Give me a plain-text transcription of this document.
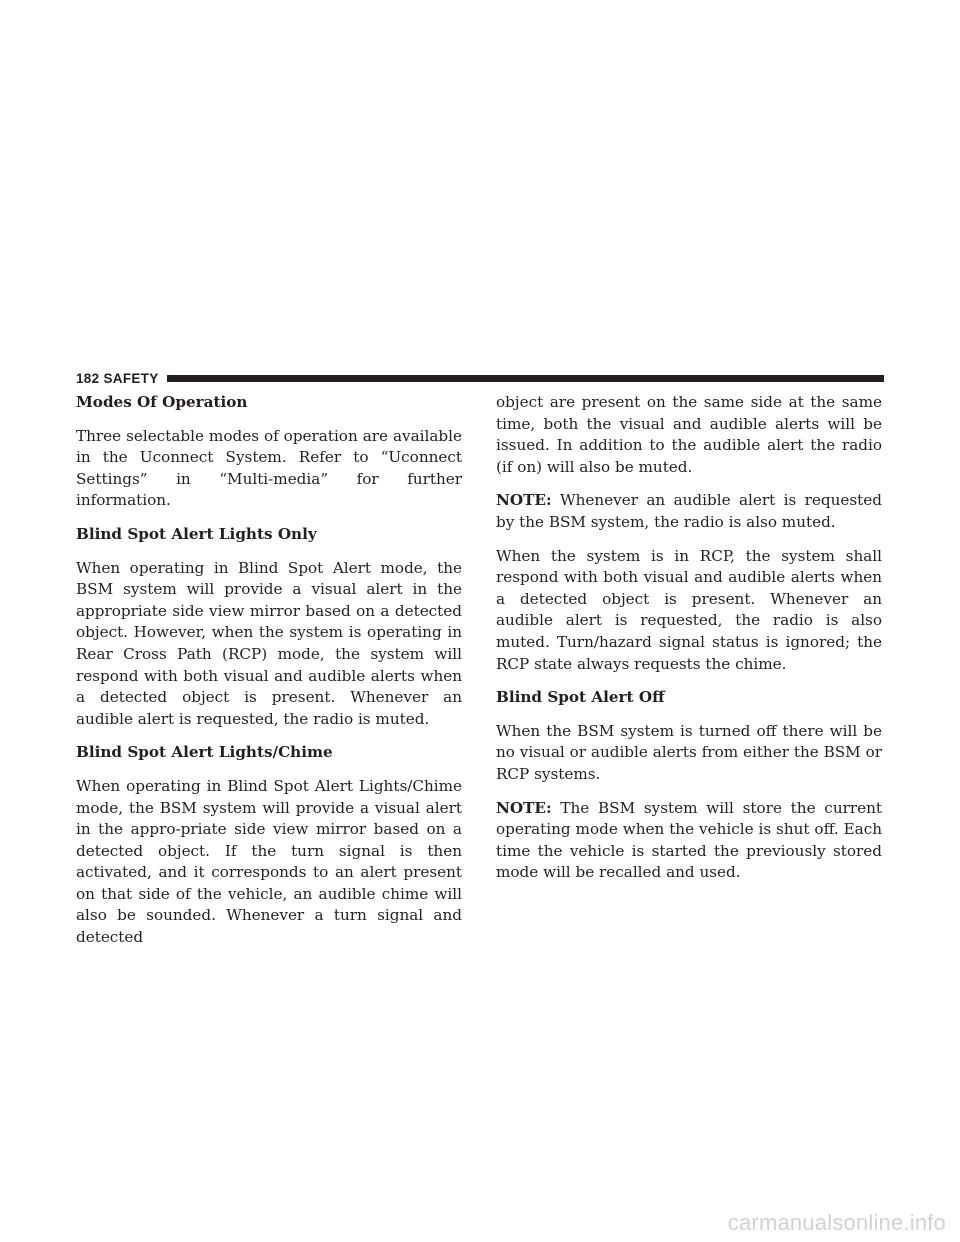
182 SAFETY
Modes Of Operation

Three selectable modes of operation are available in the Uconnect System. Refer to “Uconnect Settings” in “Multi-media” for further information.

Blind Spot Alert Lights Only

When operating in Blind Spot Alert mode, the BSM system will provide a visual alert in the appropriate side view mirror based on a detected object. However, when the system is operating in Rear Cross Path (RCP) mode, the system will respond with both visual and audible alerts when a detected object is present. Whenever an audible alert is requested, the radio is muted.

Blind Spot Alert Lights/Chime

When operating in Blind Spot Alert Lights/Chime mode, the BSM system will provide a visual alert in the appro-priate side view mirror based on a detected object. If the turn signal is then activated, and it corresponds to an alert present on that side of the vehicle, an audible chime will also be sounded. Whenever a turn signal and detected

object are present on the same side at the same time, both the visual and audible alerts will be issued. In addition to the audible alert the radio (if on) will also be muted.

NOTE: Whenever an audible alert is requested by the BSM system, the radio is also muted.

When the system is in RCP, the system shall respond with both visual and audible alerts when a detected object is present. Whenever an audible alert is requested, the radio is also muted. Turn/hazard signal status is ignored; the RCP state always requests the chime.

Blind Spot Alert Off

When the BSM system is turned off there will be no visual or audible alerts from either the BSM or RCP systems.

NOTE: The BSM system will store the current operating mode when the vehicle is shut off. Each time the vehicle is started the previously stored mode will be recalled and used.

carmanualsonline.info
